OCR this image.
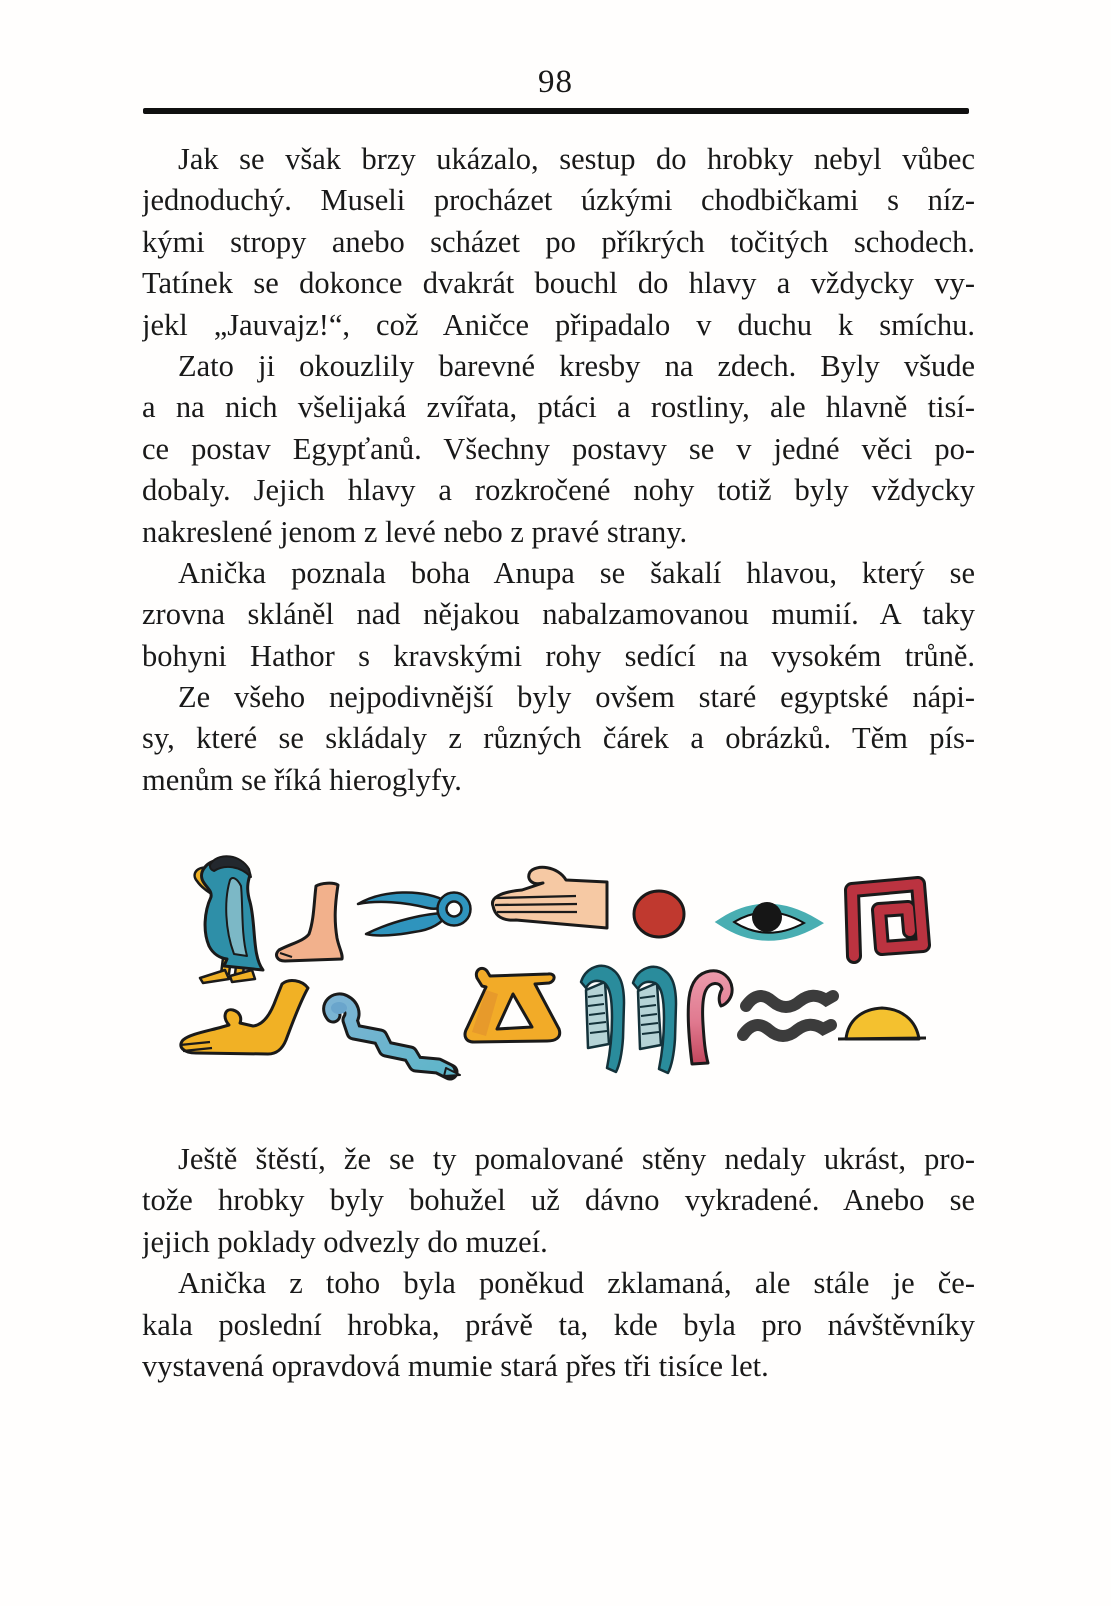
98

Jak se však brzy ukázalo, sestup do hrobky nebyl vůbec
jednoduchý. Museli procházet úzkými chodbičkami s níz-
kými stropy anebo scházet po příkrých točitých schodech.
Tatínek se dokonce dvakrát bouchl do hlavy a vždycky vy-
jekl „Jauvajz!“, což Aničce připadalo v duchu k smíchu.

Zato ji okouzlily barevné kresby na zdech. Byly všude
a na nich všelijaká zvířata, ptáci a rostliny, ale hlavně tisí-
ce postav Egypťanů. Všechny postavy se v jedné věci po-
dobaly. Jejich hlavy a rozkročené nohy totiž byly vždycky
nakreslené jenom z levé nebo z pravé strany.

Anička poznala boha Anupa se šakalí hlavou, který se
zrovna skláněl nad nějakou nabalzamovanou mumií. A taky
bohyni Hathor s kravskými rohy sedící na vysokém trůně.

Ze všeho nejpodivnější byly ovšem staré egyptské nápi-
sy, které se skládaly z různých čárek a obrázků. Těm pís-
menům se říká hieroglyfy.

Ještě štěstí, že se ty pomalované stěny nedaly ukrást, pro-
tože hrobky byly bohužel už dávno vykradené. Anebo se
jejich poklady odvezly do muzeí.

Anička z toho byla poněkud zklamaná, ale stále je če-
kala poslední hrobka, právě ta, kde byla pro návštěvníky
vystavená opravdová mumie stará přes tři tisíce let.
